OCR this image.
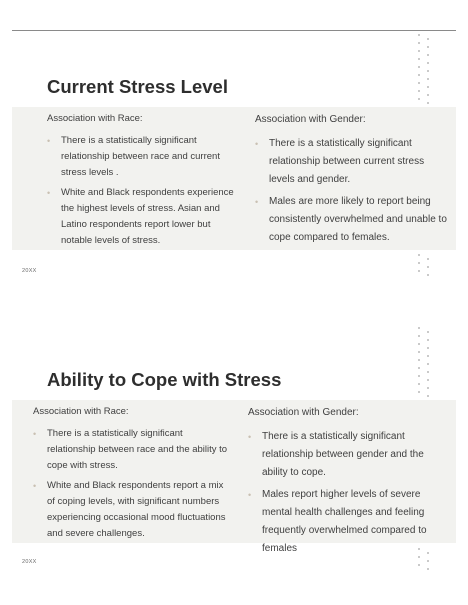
Current Stress Level

Association with Race:

• There is a statistically significant relationship between race and current stress levels .
• White and Black respondents experience the highest levels of stress. Asian and Latino respondents report lower but notable levels of stress.

Association with Gender:

• There is a statistically significant relationship between current stress levels and gender.
• Males are more likely to report being consistently overwhelmed and unable to cope compared to females.
20XX
Ability to Cope with Stress

Association with Race:

• There is a statistically significant relationship between race and the ability to cope with stress.
• White and Black respondents report a mix of coping levels, with significant numbers experiencing occasional mood fluctuations and severe challenges.

Association with Gender:

• There is a statistically significant relationship between gender and the ability to cope.
• Males report higher levels of severe mental health challenges and feeling frequently overwhelmed compared to females
20XX
